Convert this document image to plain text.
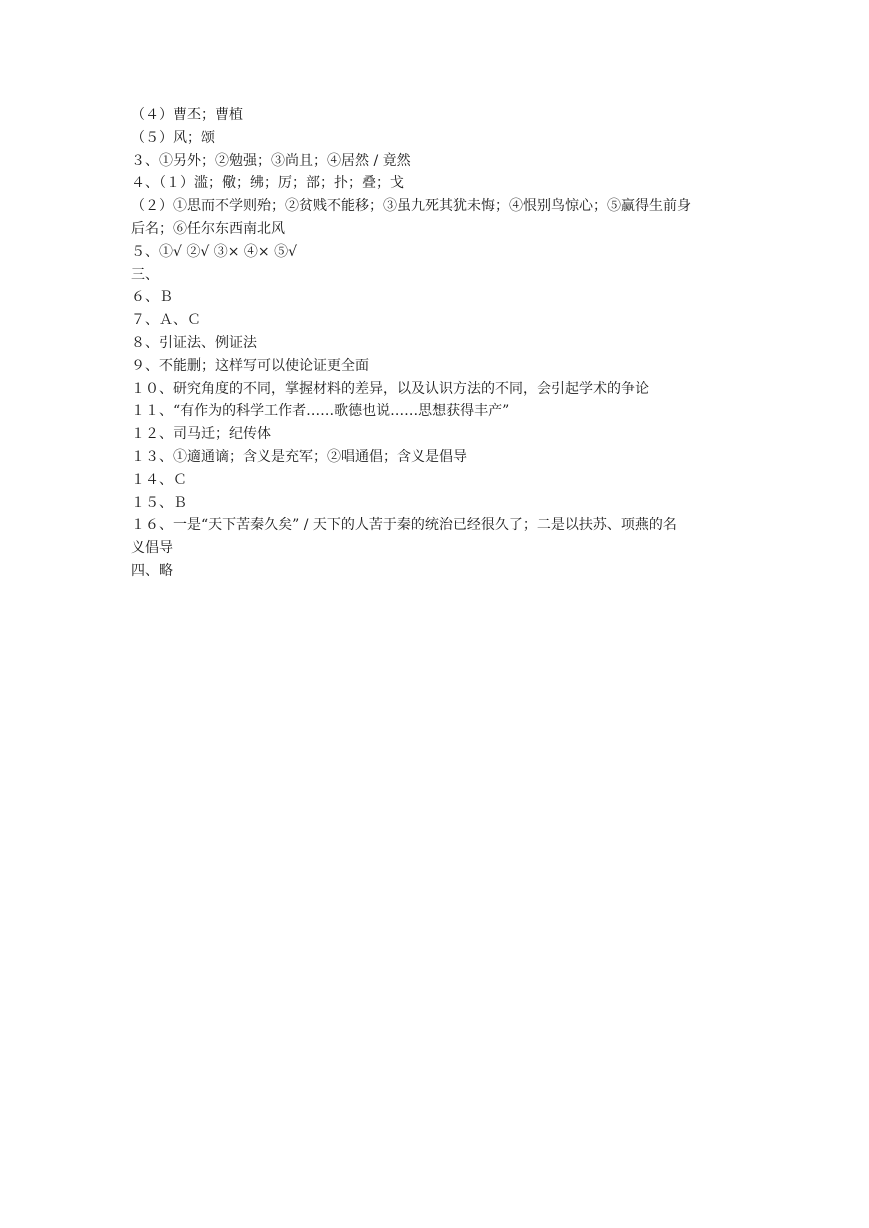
（４）曹丕；曹植

（５）风；颂

３、①另外；②勉强；③尚且；④居然 / 竟然

４、（１）滥；儆；绋；厉；部；扑；叠；戈

（２）①思而不学则殆；②贫贱不能移；③虽九死其犹未悔；④恨别鸟惊心；⑤赢得生前身

后名；⑥任尔东西南北风

５、①√ ②√ ③× ④× ⑤√

三、

６、Ｂ

７、Ａ、Ｃ

８、引证法、例证法

９、不能删；这样写可以使论证更全面

１０、研究角度的不同，掌握材料的差异，以及认识方法的不同，会引起学术的争论

１１、“有作为的科学工作者……歌德也说……思想获得丰产”

１２、司马迁；纪传体

１３、①適通谪；含义是充军；②唱通倡；含义是倡导

１４、Ｃ

１５、Ｂ

１６、一是“天下苦秦久矣” / 天下的人苦于秦的统治已经很久了；二是以扶苏、项燕的名

义倡导

四、略
